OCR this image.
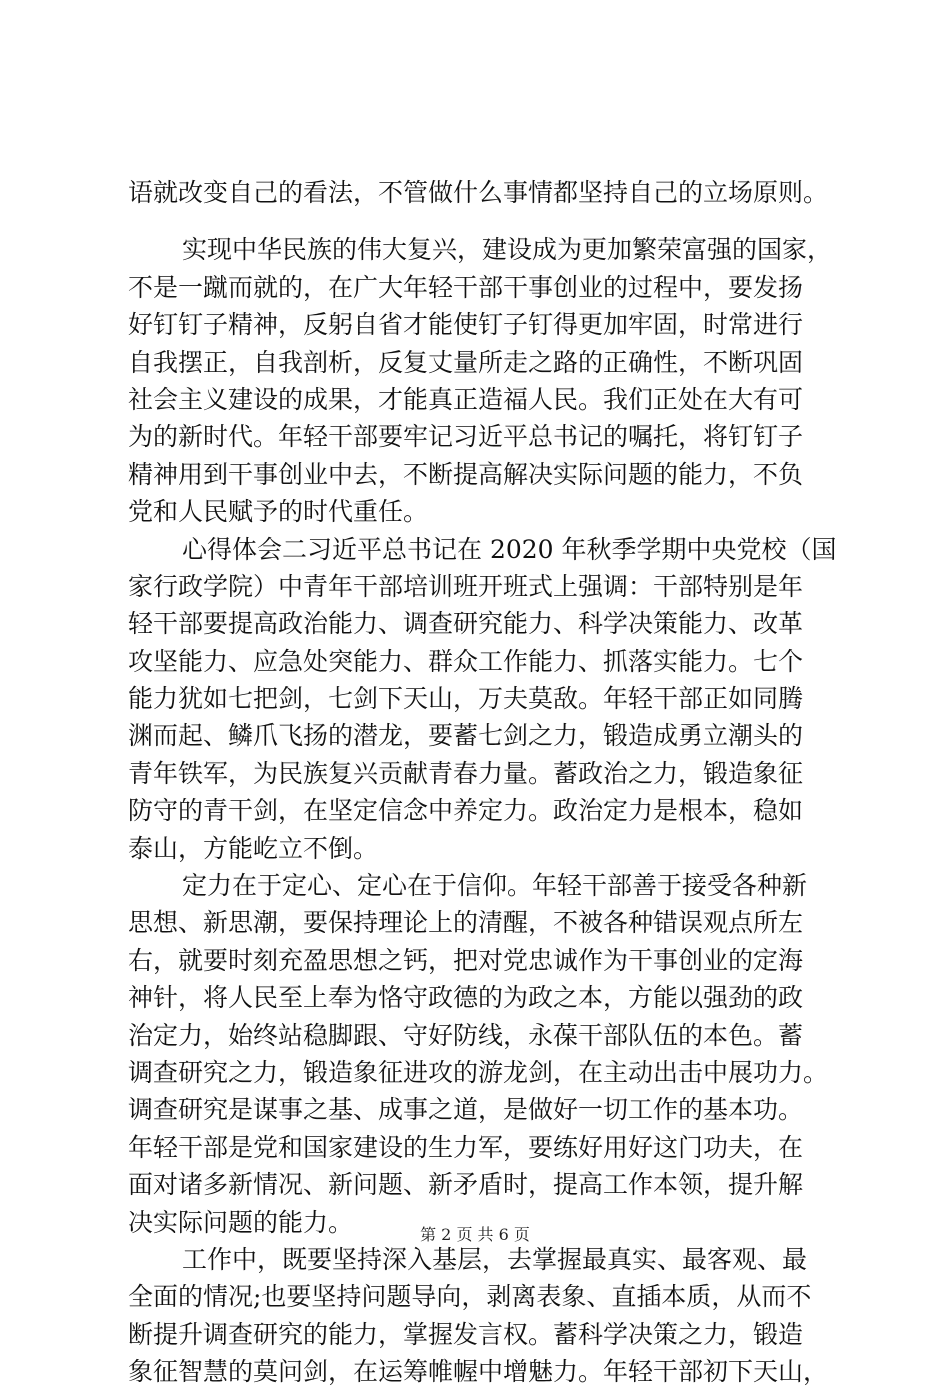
语就改变自己的看法，不管做什么事情都坚持自己的立场原则。
实现中华民族的伟大复兴，建设成为更加繁荣富强的国家，
不是一蹴而就的，在广大年轻干部干事创业的过程中，要发扬
好钉钉子精神，反躬自省才能使钉子钉得更加牢固，时常进行
自我摆正，自我剖析，反复丈量所走之路的正确性，不断巩固
社会主义建设的成果，才能真正造福人民。我们正处在大有可
为的新时代。年轻干部要牢记习近平总书记的嘱托，将钉钉子
精神用到干事创业中去，不断提高解决实际问题的能力，不负
党和人民赋予的时代重任。
心得体会二习近平总书记在 2020 年秋季学期中央党校（国
家行政学院）中青年干部培训班开班式上强调：干部特别是年
轻干部要提高政治能力、调查研究能力、科学决策能力、改革
攻坚能力、应急处突能力、群众工作能力、抓落实能力。七个
能力犹如七把剑，七剑下天山，万夫莫敌。年轻干部正如同腾
渊而起、鳞爪飞扬的潜龙，要蓄七剑之力，锻造成勇立潮头的
青年铁军，为民族复兴贡献青春力量。蓄政治之力，锻造象征
防守的青干剑，在坚定信念中养定力。政治定力是根本，稳如
泰山，方能屹立不倒。
定力在于定心、定心在于信仰。年轻干部善于接受各种新
思想、新思潮，要保持理论上的清醒，不被各种错误观点所左
右，就要时刻充盈思想之钙，把对党忠诚作为干事创业的定海
神针，将人民至上奉为恪守政德的为政之本，方能以强劲的政
治定力，始终站稳脚跟、守好防线，永葆干部队伍的本色。蓄
调查研究之力，锻造象征进攻的游龙剑，在主动出击中展功力。
调查研究是谋事之基、成事之道，是做好一切工作的基本功。
年轻干部是党和国家建设的生力军，要练好用好这门功夫，在
面对诸多新情况、新问题、新矛盾时，提高工作本领，提升解
决实际问题的能力。
工作中，既要坚持深入基层，去掌握最真实、最客观、最
全面的情况;也要坚持问题导向，剥离表象、直插本质，从而不
断提升调查研究的能力，掌握发言权。蓄科学决策之力，锻造
象征智慧的莫问剑，在运筹帷幄中增魅力。年轻干部初下天山，
第 2 页 共 6 页
